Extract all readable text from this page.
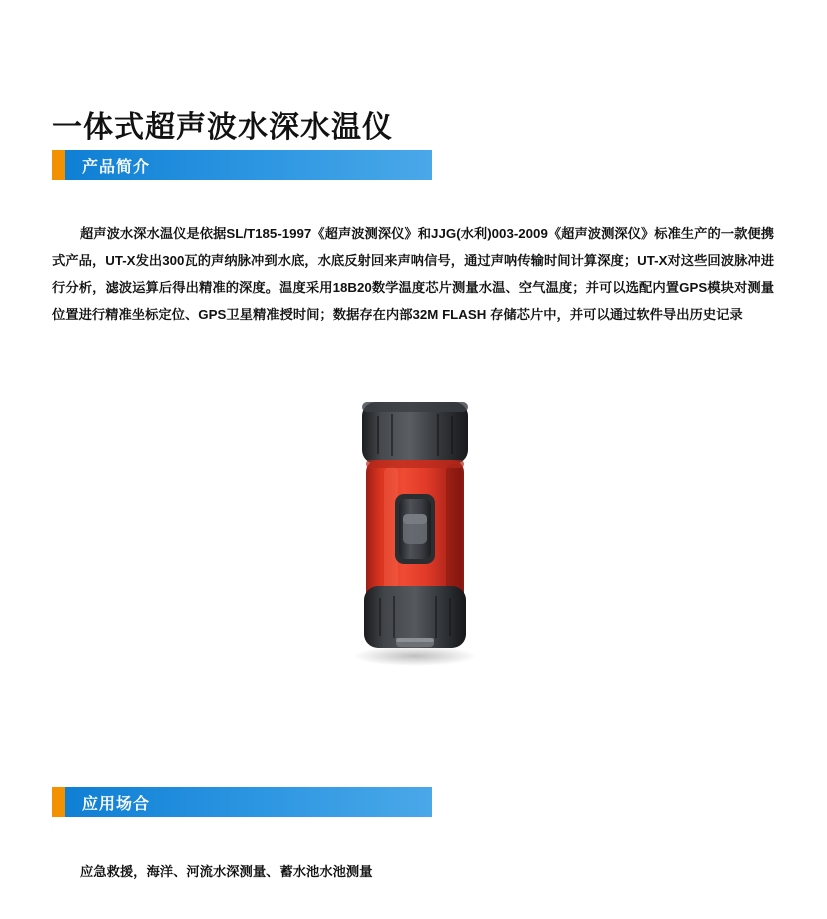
一体式超声波水深水温仪
产品简介

超声波水深水温仪是依据SL/T185-1997《超声波测深仪》和JJG(水利)003-2009《超声波测深仪》标准生产的一款便携式产品，UT-X发出300瓦的声纳脉冲到水底，水底反射回来声呐信号，通过声呐传输时间计算深度；UT-X对这些回波脉冲进行分析，滤波运算后得出精准的深度。温度采用18B20数学温度芯片测量水温、空气温度；并可以选配内置GPS模块对测量位置进行精准坐标定位、GPS卫星精准授时间；数据存在内部32M FLASH 存储芯片中，并可以通过软件导出历史记录

应用场合

应急救援，海洋、河流水深测量、蓄水池水池测量
